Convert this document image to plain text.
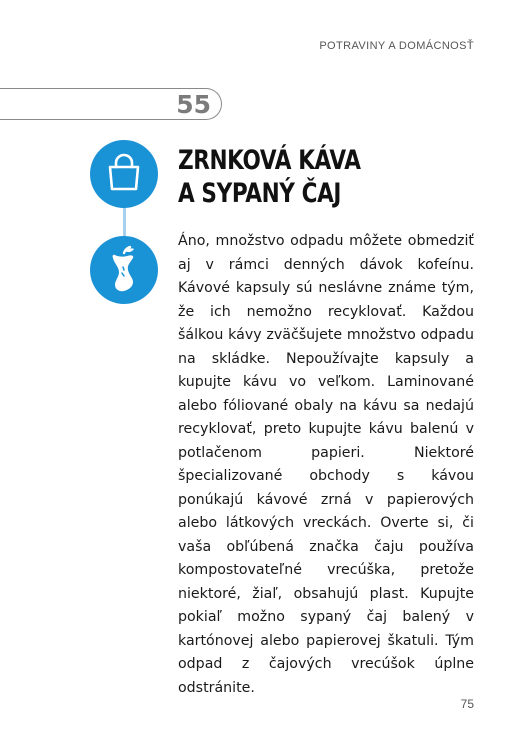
POTRAVINY A DOMÁCNOSŤ
55
ZRNKOVÁ KÁVA
A SYPANÝ ČAJ

Áno, množstvo odpadu môžete obmedziť aj v rámci denných dávok kofeínu. Kávové kapsuly sú neslávne známe tým, že ich nemožno recyklovať. Každou šálkou kávy zväčšujete množstvo odpadu na skládke. Nepoužívajte kapsuly a kupujte kávu vo veľkom. Laminované alebo fóliované obaly na kávu sa nedajú recyklovať, preto kupujte kávu balenú v potlačenom papieri. Niektoré špecializované obchody s kávou ponúkajú kávové zrná v papierových alebo látkových vreckách. Overte si, či vaša obľúbená značka čaju používa kompostovateľné vrecúška, pretože niektoré, žiaľ, obsahujú plast. Kupujte pokiaľ možno sypaný čaj balený v kartónovej alebo papierovej škatuli. Tým odpad z čajových vrecúšok úplne odstránite.

75
